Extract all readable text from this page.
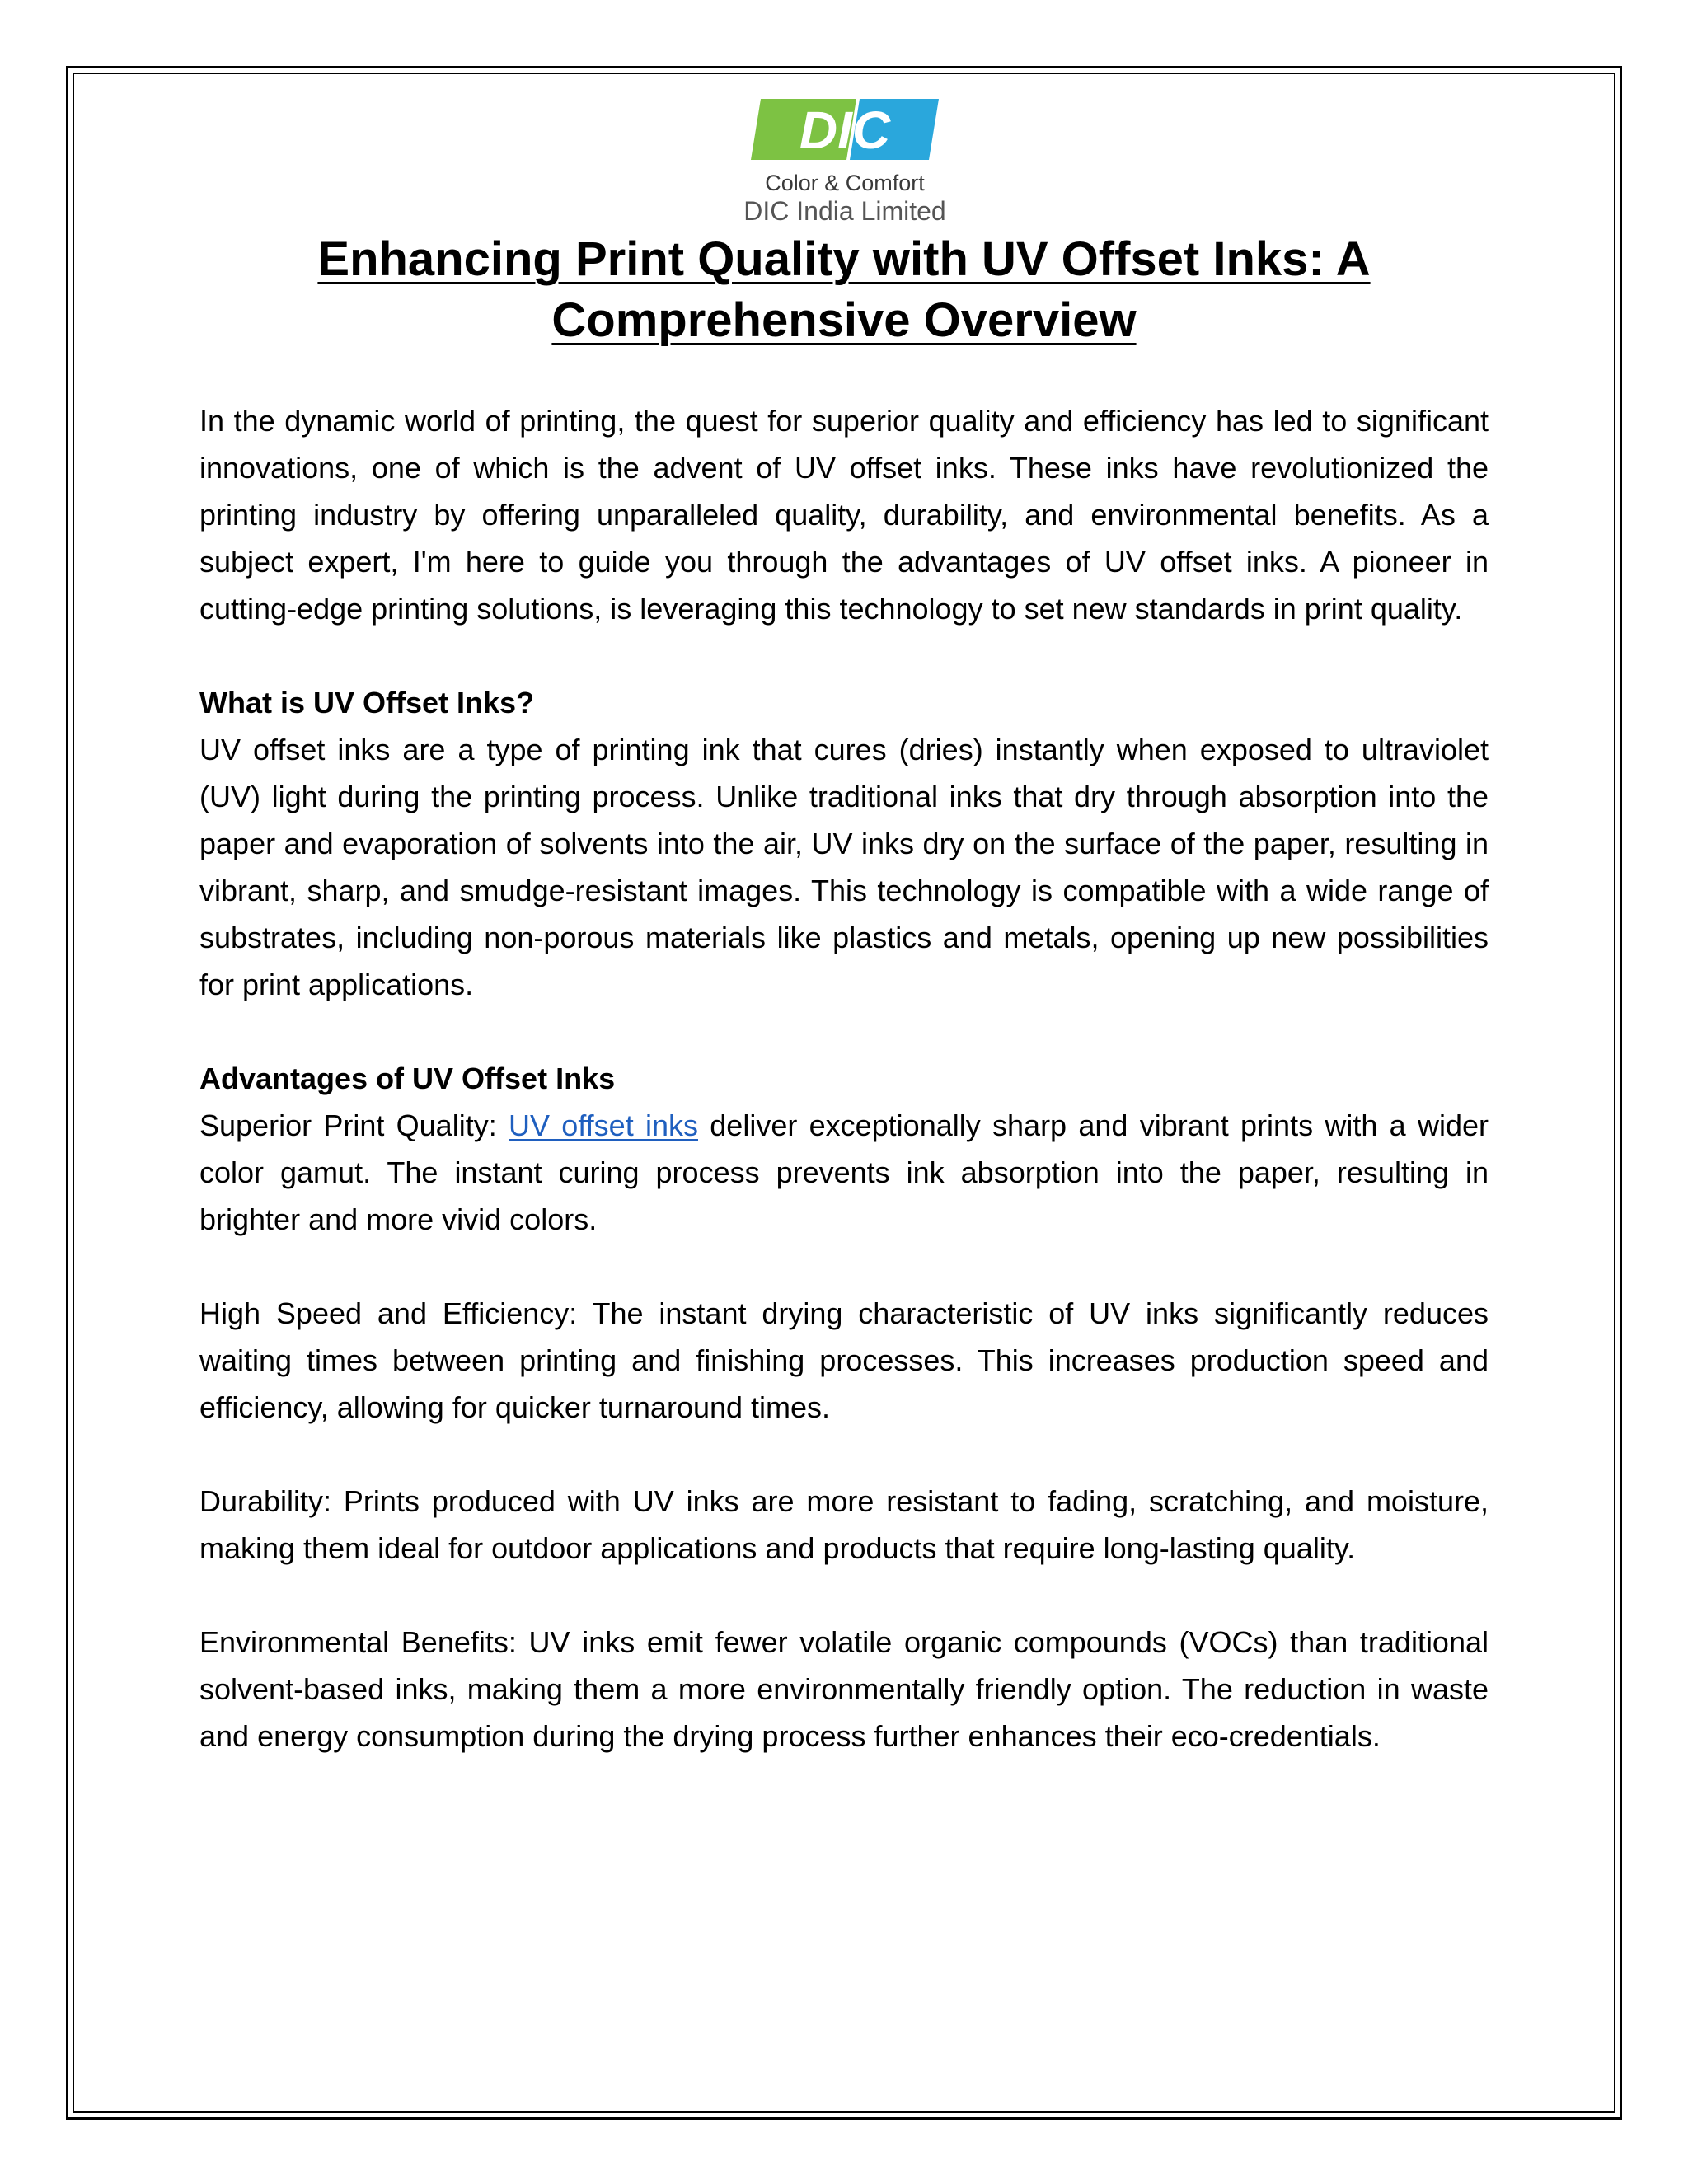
DIC
Color & Comfort
DIC India Limited
Enhancing Print Quality with UV Offset Inks: A
Comprehensive Overview

In the dynamic world of printing, the quest for superior quality and efficiency has led to significant innovations, one of which is the advent of UV offset inks. These inks have revolutionized the printing industry by offering unparalleled quality, durability, and environmental benefits. As a subject expert, I'm here to guide you through the advantages of UV offset inks. A pioneer in cutting-edge printing solutions, is leveraging this technology to set new standards in print quality.

What is UV Offset Inks?

UV offset inks are a type of printing ink that cures (dries) instantly when exposed to ultraviolet (UV) light during the printing process. Unlike traditional inks that dry through absorption into the paper and evaporation of solvents into the air, UV inks dry on the surface of the paper, resulting in vibrant, sharp, and smudge-resistant images. This technology is compatible with a wide range of substrates, including non-porous materials like plastics and metals, opening up new possibilities for print applications.

Advantages of UV Offset Inks

Superior Print Quality: UV offset inks deliver exceptionally sharp and vibrant prints with a wider color gamut. The instant curing process prevents ink absorption into the paper, resulting in brighter and more vivid colors.

High Speed and Efficiency: The instant drying characteristic of UV inks significantly reduces waiting times between printing and finishing processes. This increases production speed and efficiency, allowing for quicker turnaround times.

Durability: Prints produced with UV inks are more resistant to fading, scratching, and moisture, making them ideal for outdoor applications and products that require long-lasting quality.

Environmental Benefits: UV inks emit fewer volatile organic compounds (VOCs) than traditional solvent-based inks, making them a more environmentally friendly option. The reduction in waste and energy consumption during the drying process further enhances their eco-credentials.
